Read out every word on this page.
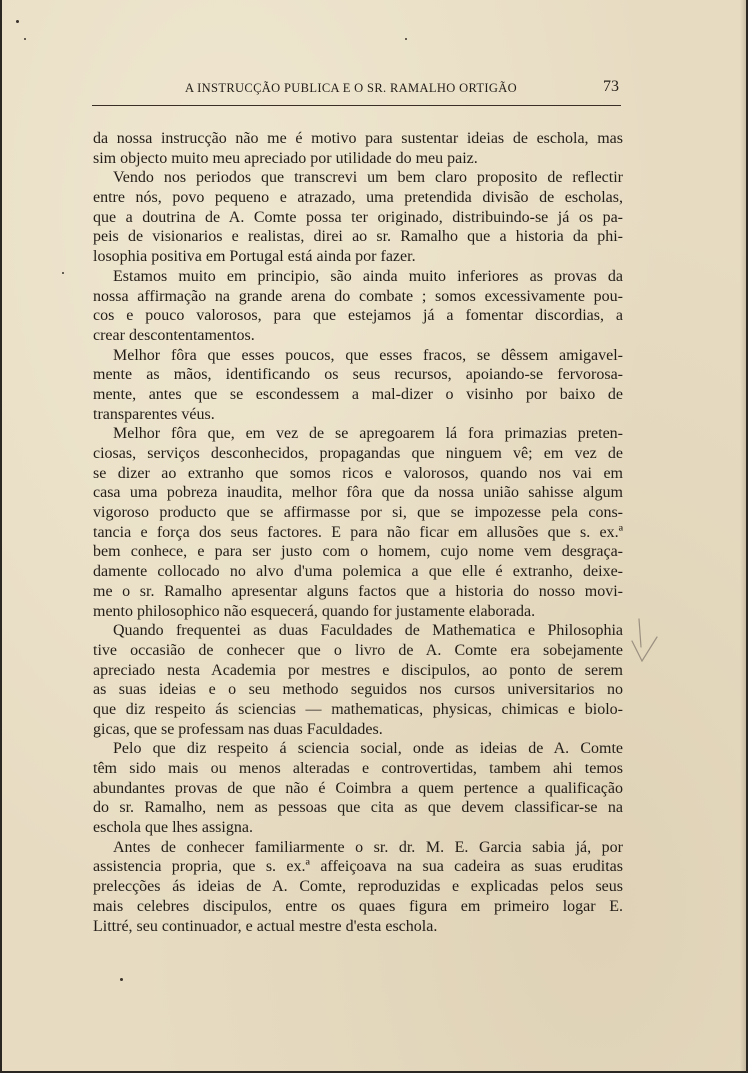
A INSTRUCÇÃO PUBLICA E O SR. RAMALHO ORTIGÃO	73
da nossa instrucção não me é motivo para sustentar ideias de eschola, mas
sim objecto muito meu apreciado por utilidade do meu paiz.
Vendo nos periodos que transcrevi um bem claro proposito de reflectir
entre nós, povo pequeno e atrazado, uma pretendida divisão de escholas,
que a doutrina de A. Comte possa ter originado, distribuindo-se já os pa-
peis de visionarios e realistas, direi ao sr. Ramalho que a historia da phi-
losophia positiva em Portugal está ainda por fazer.
Estamos muito em principio, são ainda muito inferiores as provas da
nossa affirmação na grande arena do combate ; somos excessivamente pou-
cos e pouco valorosos, para que estejamos já a fomentar discordias, a
crear descontentamentos.
Melhor fôra que esses poucos, que esses fracos, se dêssem amigavel-
mente as mãos, identificando os seus recursos, apoiando-se fervorosa-
mente, antes que se escondessem a mal-dizer o visinho por baixo de
transparentes véus.
Melhor fôra que, em vez de se apregoarem lá fora primazias preten-
ciosas, serviços desconhecidos, propagandas que ninguem vê; em vez de
se dizer ao extranho que somos ricos e valorosos, quando nos vai em
casa uma pobreza inaudita, melhor fôra que da nossa união sahisse algum
vigoroso producto que se affirmasse por si, que se impozesse pela cons-
tancia e força dos seus factores. E para não ficar em allusões que s. ex.ª
bem conhece, e para ser justo com o homem, cujo nome vem desgraça-
damente collocado no alvo d'uma polemica a que elle é extranho, deixe-
me o sr. Ramalho apresentar alguns factos que a historia do nosso movi-
mento philosophico não esquecerá, quando for justamente elaborada.
Quando frequentei as duas Faculdades de Mathematica e Philosophia
tive occasião de conhecer que o livro de A. Comte era sobejamente
apreciado nesta Academia por mestres e discipulos, ao ponto de serem
as suas ideias e o seu methodo seguidos nos cursos universitarios no
que diz respeito ás sciencias — mathematicas, physicas, chimicas e biolo-
gicas, que se professam nas duas Faculdades.
Pelo que diz respeito á sciencia social, onde as ideias de A. Comte
têm sido mais ou menos alteradas e controvertidas, tambem ahi temos
abundantes provas de que não é Coimbra a quem pertence a qualificação
do sr. Ramalho, nem as pessoas que cita as que devem classificar-se na
eschola que lhes assigna.
Antes de conhecer familiarmente o sr. dr. M. E. Garcia sabia já, por
assistencia propria, que s. ex.ª affeiçoava na sua cadeira as suas eruditas
prelecções ás ideias de A. Comte, reproduzidas e explicadas pelos seus
mais celebres discipulos, entre os quaes figura em primeiro logar E.
Littré, seu continuador, e actual mestre d'esta eschola.
